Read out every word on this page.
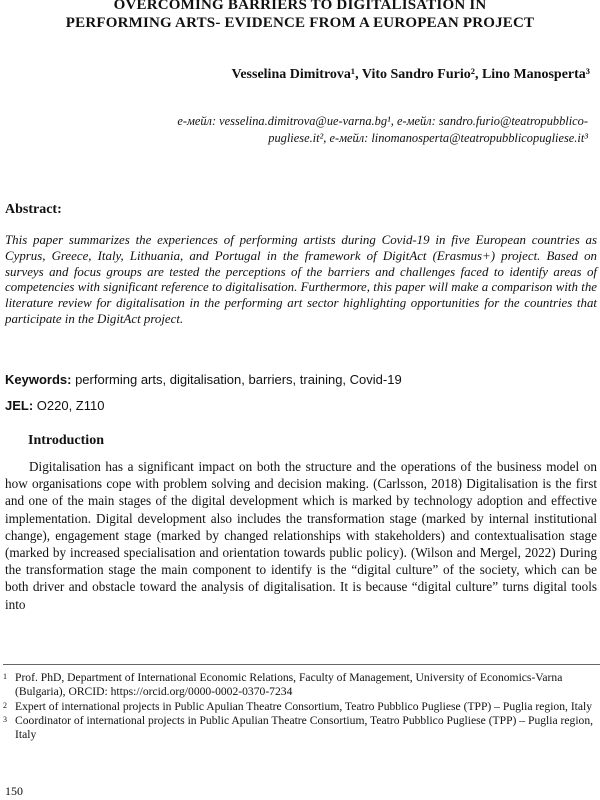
OVERCOMING BARRIERS TO DIGITALISATION IN
PERFORMING ARTS- EVIDENCE FROM A EUROPEAN PROJECT
Vesselina Dimitrova¹, Vito Sandro Furio², Lino Manosperta³
е-мейл: vesselina.dimitrova@ue-varna.bg¹, е-мейл: sandro.furio@teatropubblico-
pugliese.it², е-мейл: linomanosperta@teatropubblicopugliese.it³
Abstract:
This paper summarizes the experiences of performing artists during Covid-19 in five European countries as Cyprus, Greece, Italy, Lithuania, and Portugal in the framework of DigitAct (Erasmus+) project. Based on surveys and focus groups are tested the perceptions of the barriers and challenges faced to identify areas of competencies with significant reference to digitalisation. Furthermore, this paper will make a comparison with the literature review for digitalisation in the performing art sector highlighting opportunities for the countries that participate in the DigitAct project.
Keywords: performing arts, digitalisation, barriers, training, Covid-19
JEL: O220, Z110
Introduction
Digitalisation has a significant impact on both the structure and the operations of the business model on how organisations cope with problem solving and decision making. (Carlsson, 2018) Digitalisation is the first and one of the main stages of the digital development which is marked by technology adoption and effective implementation. Digital development also includes the transformation stage (marked by internal institutional change), engagement stage (marked by changed relationships with stakeholders) and contextualisation stage (marked by increased specialisation and orientation towards public policy). (Wilson and Mergel, 2022) During the transformation stage the main component to identify is the “digital culture” of the society, which can be both driver and obstacle toward the analysis of digitalisation. It is because “digital culture” turns digital tools into
1 Prof. PhD, Department of International Economic Relations, Faculty of Management, University of Economics-Varna (Bulgaria), ORCID: https://orcid.org/0000-0002-0370-7234
2 Expert of international projects in Public Apulian Theatre Consortium, Teatro Pubblico Pugliese (TPP) – Puglia region, Italy
3 Coordinator of international projects in Public Apulian Theatre Consortium, Teatro Pubblico Pugliese (TPP) – Puglia region, Italy
150
